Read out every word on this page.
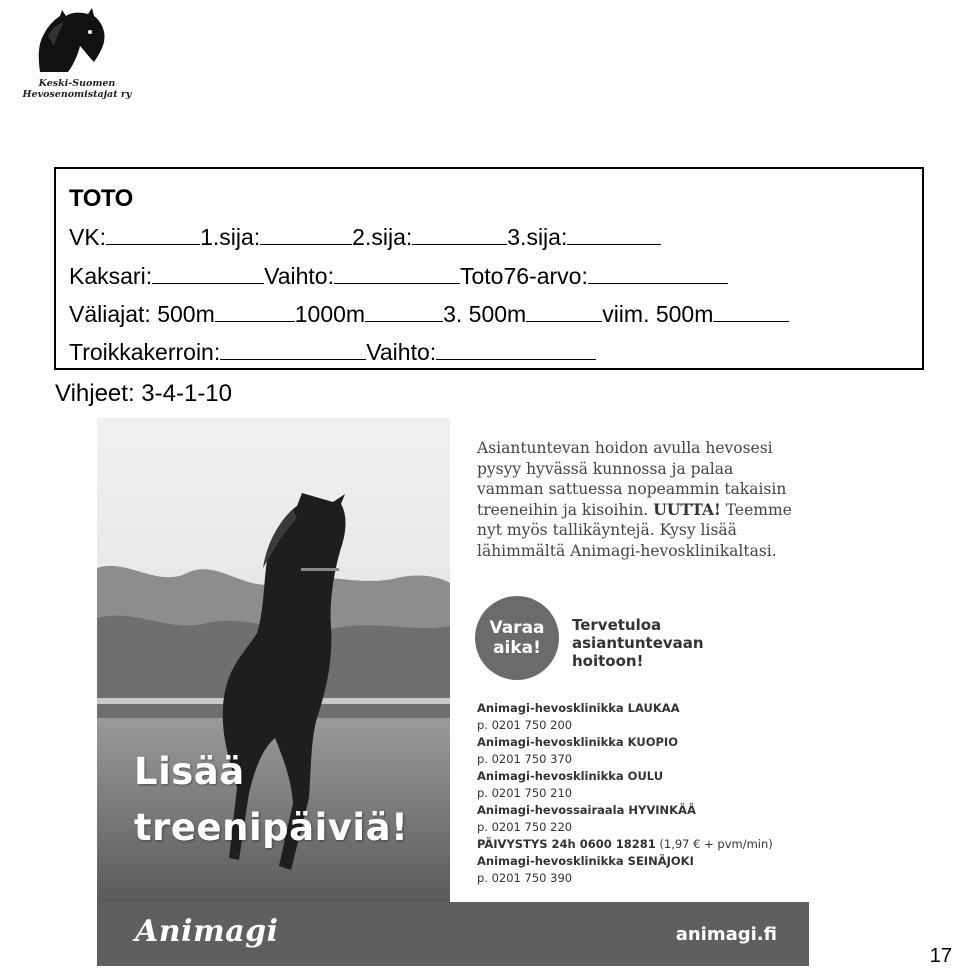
Keski-Suomen
Hevosenomistajat ry
TOTO
VK:	1.sija:	2.sija:	3.sija:
Kaksari:	Vaihto:	Toto76-arvo:
Väliajat: 500m	1000m	3. 500m	viim. 500m
Troikkakerroin:	Vaihto:
Vihjeet: 3-4-1-10
Lisää
treenipäiviä!
Asiantuntevan hoidon avulla hevosesi pysyy hyvässä kunnossa ja palaa vamman sattuessa nopeammin takaisin treeneihin ja kisoihin. UUTTA! Teemme nyt myös tallikäyntejä. Kysy lisää lähimmältä Animagi-hevosklinikaltasi.
Varaa
aika!
Tervetuloa
asiantuntevaan
hoitoon!
Animagi-hevosklinikka LAUKAA
p. 0201 750 200
Animagi-hevosklinikka KUOPIO
p. 0201 750 370
Animagi-hevosklinikka OULU
p. 0201 750 210
Animagi-hevossairaala HYVINKÄÄ
p. 0201 750 220
PÄIVYSTYS 24h 0600 18281 (1,97 € + pvm/min)
Animagi-hevosklinikka SEINÄJOKI
p. 0201 750 390
Animagi	animagi.fi
17
